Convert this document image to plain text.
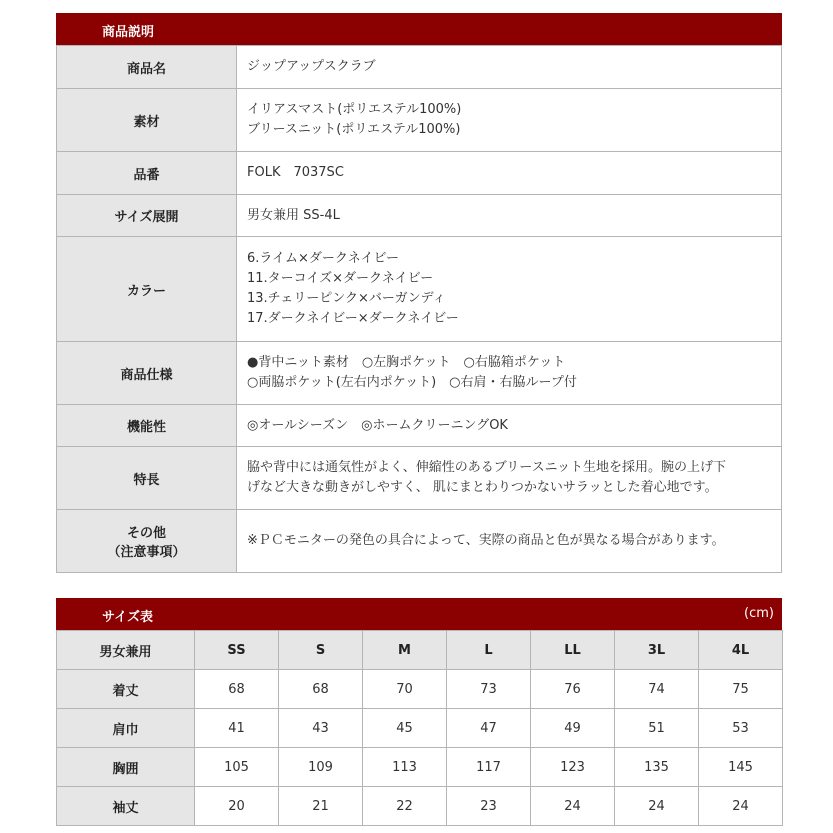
商品説明
商品名	ジップアップスクラブ

素材	イリアスマスト(ポリエステル100%)
ブリースニット(ポリエステル100%)

品番	FOLK　7037SC

サイズ展開	男女兼用 SS-4L

カラー	6.ライム×ダークネイビー
11.ターコイズ×ダークネイビー
13.チェリーピンク×バーガンディ
17.ダークネイビー×ダークネイビー

商品仕様	●背中ニット素材　○左胸ポケット　○右脇箱ポケット
○両脇ポケット(左右内ポケット)　○右肩・右脇ループ付

機能性	◎オールシーズン　◎ホームクリーニングOK

特長	脇や背中には通気性がよく、伸縮性のあるブリースニット生地を採用。腕の上げ下
げなど大きな動きがしやすく、 肌にまとわりつかないサラッとした着心地です。

その他
（注意事項）	※ＰＣモニターの発色の具合によって、実際の商品と色が異なる場合があります。
サイズ表	(cm)
男女兼用	SS	S	M	L	LL	3L	4L
着丈	68	68	70	73	76	74	75
肩巾	41	43	45	47	49	51	53
胸囲	105	109	113	117	123	135	145
袖丈	20	21	22	23	24	24	24
